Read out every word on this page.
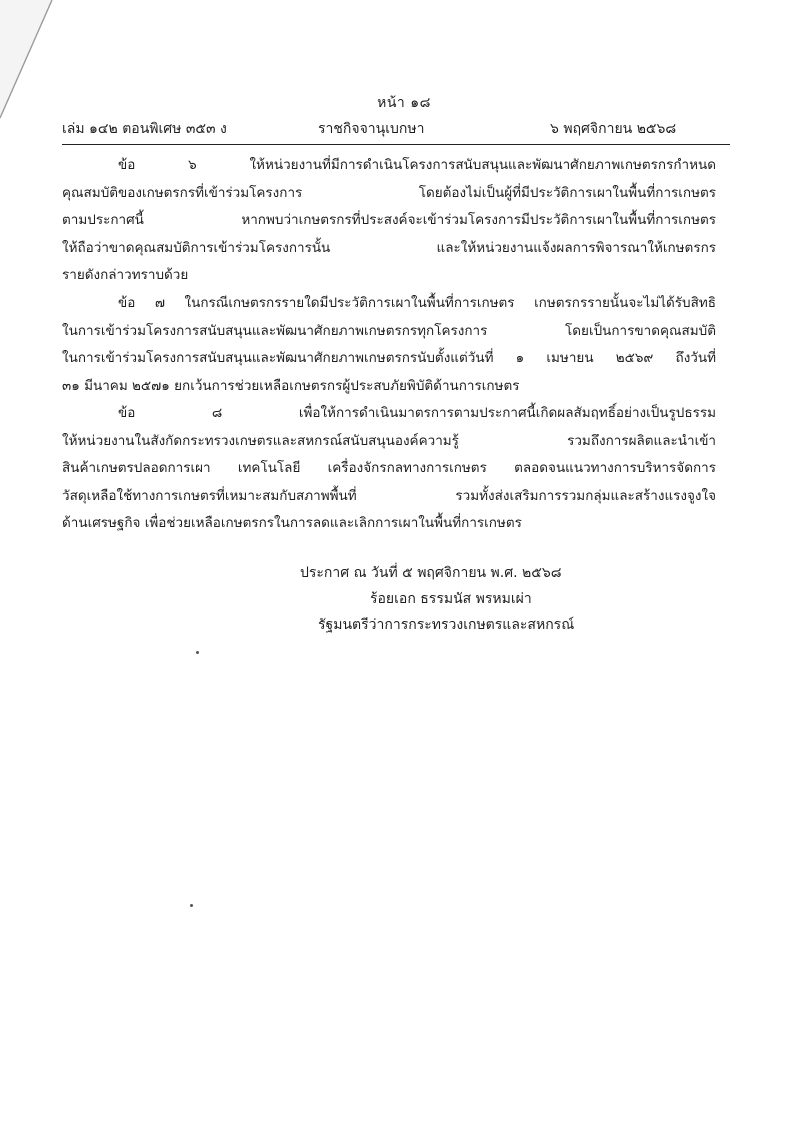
หน้า ๑๘
เล่ม ๑๔๒ ตอนพิเศษ ๓๕๓ ง	ราชกิจจานุเบกษา	๖ พฤศจิกายน ๒๕๖๘
ข้อ ๖ ให้หน่วยงานที่มีการดำเนินโครงการสนับสนุนและพัฒนาศักยภาพเกษตรกรกำหนด
คุณสมบัติของเกษตรกรที่เข้าร่วมโครงการ โดยต้องไม่เป็นผู้ที่มีประวัติการเผาในพื้นที่การเกษตร
ตามประกาศนี้ หากพบว่าเกษตรกรที่ประสงค์จะเข้าร่วมโครงการมีประวัติการเผาในพื้นที่การเกษตร
ให้ถือว่าขาดคุณสมบัติการเข้าร่วมโครงการนั้น และให้หน่วยงานแจ้งผลการพิจารณาให้เกษตรกร
รายดังกล่าวทราบด้วย
ข้อ ๗ ในกรณีเกษตรกรรายใดมีประวัติการเผาในพื้นที่การเกษตร เกษตรกรรายนั้นจะไม่ได้รับสิทธิ
ในการเข้าร่วมโครงการสนับสนุนและพัฒนาศักยภาพเกษตรกรทุกโครงการ โดยเป็นการขาดคุณสมบัติ
ในการเข้าร่วมโครงการสนับสนุนและพัฒนาศักยภาพเกษตรกรนับตั้งแต่วันที่ ๑ เมษายน ๒๕๖๙ ถึงวันที่
๓๑ มีนาคม ๒๕๗๑ ยกเว้นการช่วยเหลือเกษตรกรผู้ประสบภัยพิบัติด้านการเกษตร
ข้อ ๘ เพื่อให้การดำเนินมาตรการตามประกาศนี้เกิดผลสัมฤทธิ์อย่างเป็นรูปธรรม
ให้หน่วยงานในสังกัดกระทรวงเกษตรและสหกรณ์สนับสนุนองค์ความรู้ รวมถึงการผลิตและนำเข้า
สินค้าเกษตรปลอดการเผา เทคโนโลยี เครื่องจักรกลทางการเกษตร ตลอดจนแนวทางการบริหารจัดการ
วัสดุเหลือใช้ทางการเกษตรที่เหมาะสมกับสภาพพื้นที่ รวมทั้งส่งเสริมการรวมกลุ่มและสร้างแรงจูงใจ
ด้านเศรษฐกิจ เพื่อช่วยเหลือเกษตรกรในการลดและเลิกการเผาในพื้นที่การเกษตร
ประกาศ ณ วันที่ ๕ พฤศจิกายน พ.ศ. ๒๕๖๘
ร้อยเอก ธรรมนัส พรหมเผ่า
รัฐมนตรีว่าการกระทรวงเกษตรและสหกรณ์
